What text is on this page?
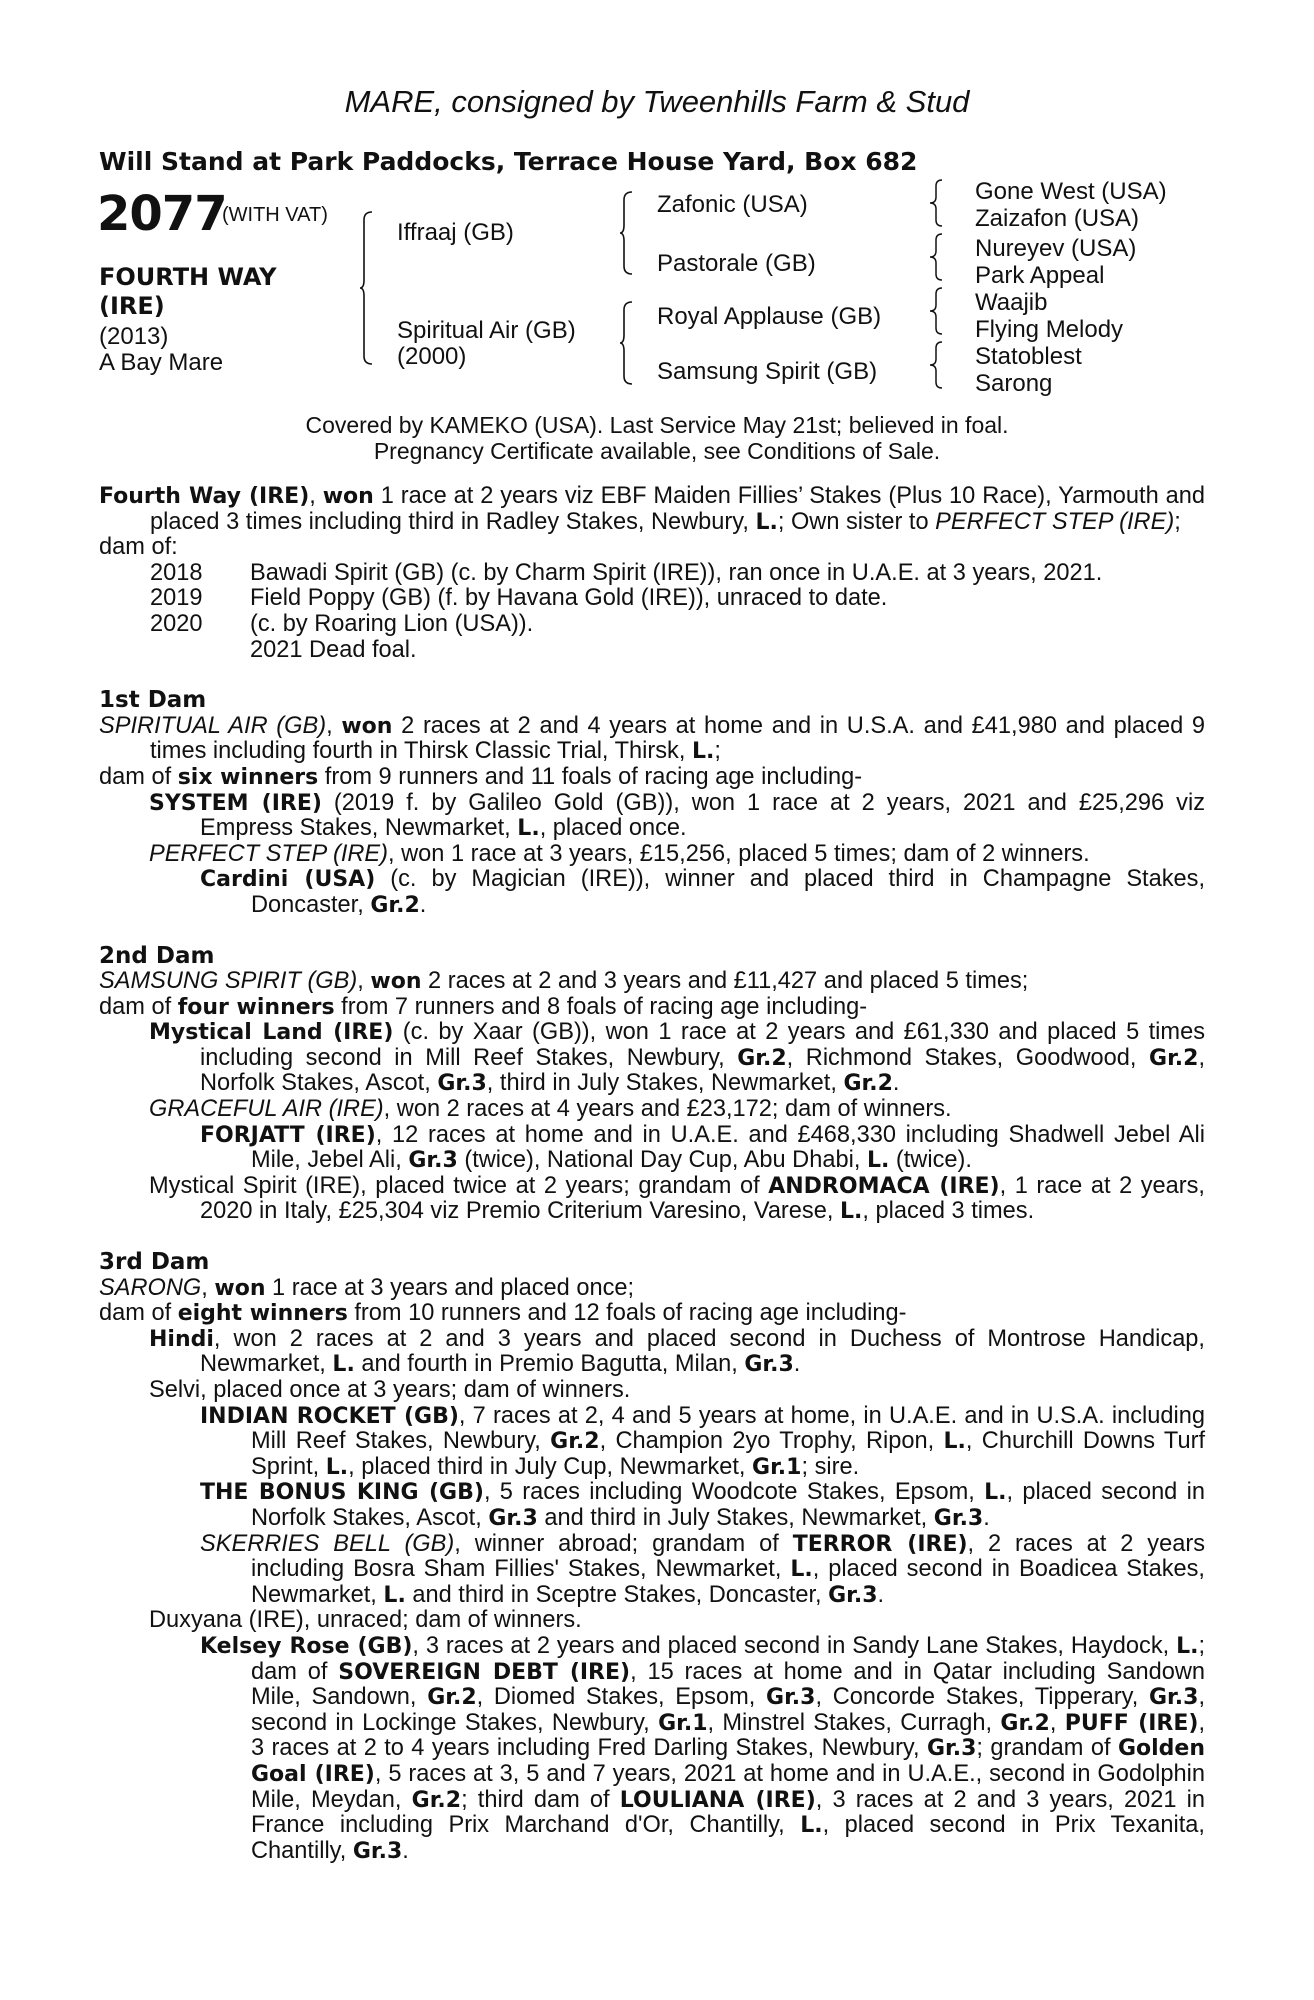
MARE, consigned by Tweenhills Farm & Stud
Will Stand at Park Paddocks, Terrace House Yard, Box 682
2077
(WITH VAT)
FOURTH WAY (IRE)
(2013)
A Bay Mare
Iffraaj (GB)
Spiritual Air (GB)
(2000)
Zafonic (USA)
Pastorale (GB)
Royal Applause (GB)
Samsung Spirit (GB)
Gone West (USA)
Zaizafon (USA)
Nureyev (USA)
Park Appeal
Waajib
Flying Melody
Statoblest
Sarong
Covered by KAMEKO (USA). Last Service May 21st; believed in foal.
Pregnancy Certificate available, see Conditions of Sale.

Fourth Way (IRE), won 1 race at 2 years viz EBF Maiden Fillies’ Stakes (Plus 10 Race), Yarmouth and placed 3 times including third in Radley Stakes, Newbury, L.; Own sister to PERFECT STEP (IRE);

dam of:

2018	Bawadi Spirit (GB) (c. by Charm Spirit (IRE)), ran once in U.A.E. at 3 years, 2021.
2019	Field Poppy (GB) (f. by Havana Gold (IRE)), unraced to date.
2020	(c. by Roaring Lion (USA)).
2021 Dead foal.

1st Dam

SPIRITUAL AIR (GB), won 2 races at 2 and 4 years at home and in U.S.A. and £41,980 and placed 9 times including fourth in Thirsk Classic Trial, Thirsk, L.;

dam of six winners from 9 runners and 11 foals of racing age including-

SYSTEM (IRE) (2019 f. by Galileo Gold (GB)), won 1 race at 2 years, 2021 and £25,296 viz Empress Stakes, Newmarket, L., placed once.

PERFECT STEP (IRE), won 1 race at 3 years, £15,256, placed 5 times; dam of 2 winners.

Cardini (USA) (c. by Magician (IRE)), winner and placed third in Champagne Stakes, Doncaster, Gr.2.

2nd Dam

SAMSUNG SPIRIT (GB), won 2 races at 2 and 3 years and £11,427 and placed 5 times;

dam of four winners from 7 runners and 8 foals of racing age including-

Mystical Land (IRE) (c. by Xaar (GB)), won 1 race at 2 years and £61,330 and placed 5 times including second in Mill Reef Stakes, Newbury, Gr.2, Richmond Stakes, Goodwood, Gr.2, Norfolk Stakes, Ascot, Gr.3, third in July Stakes, Newmarket, Gr.2.

GRACEFUL AIR (IRE), won 2 races at 4 years and £23,172; dam of winners.

FORJATT (IRE), 12 races at home and in U.A.E. and £468,330 including Shadwell Jebel Ali Mile, Jebel Ali, Gr.3 (twice), National Day Cup, Abu Dhabi, L. (twice).

Mystical Spirit (IRE), placed twice at 2 years; grandam of ANDROMACA (IRE), 1 race at 2 years, 2020 in Italy, £25,304 viz Premio Criterium Varesino, Varese, L., placed 3 times.

3rd Dam

SARONG, won 1 race at 3 years and placed once;

dam of eight winners from 10 runners and 12 foals of racing age including-

Hindi, won 2 races at 2 and 3 years and placed second in Duchess of Montrose Handicap, Newmarket, L. and fourth in Premio Bagutta, Milan, Gr.3.

Selvi, placed once at 3 years; dam of winners.

INDIAN ROCKET (GB), 7 races at 2, 4 and 5 years at home, in U.A.E. and in U.S.A. including Mill Reef Stakes, Newbury, Gr.2, Champion 2yo Trophy, Ripon, L., Churchill Downs Turf Sprint, L., placed third in July Cup, Newmarket, Gr.1; sire.

THE BONUS KING (GB), 5 races including Woodcote Stakes, Epsom, L., placed second in Norfolk Stakes, Ascot, Gr.3 and third in July Stakes, Newmarket, Gr.3.

SKERRIES BELL (GB), winner abroad; grandam of TERROR (IRE), 2 races at 2 years including Bosra Sham Fillies' Stakes, Newmarket, L., placed second in Boadicea Stakes, Newmarket, L. and third in Sceptre Stakes, Doncaster, Gr.3.

Duxyana (IRE), unraced; dam of winners.

Kelsey Rose (GB), 3 races at 2 years and placed second in Sandy Lane Stakes, Haydock, L.; dam of SOVEREIGN DEBT (IRE), 15 races at home and in Qatar including Sandown Mile, Sandown, Gr.2, Diomed Stakes, Epsom, Gr.3, Concorde Stakes, Tipperary, Gr.3, second in Lockinge Stakes, Newbury, Gr.1, Minstrel Stakes, Curragh, Gr.2, PUFF (IRE), 3 races at 2 to 4 years including Fred Darling Stakes, Newbury, Gr.3; grandam of Golden Goal (IRE), 5 races at 3, 5 and 7 years, 2021 at home and in U.A.E., second in Godolphin Mile, Meydan, Gr.2; third dam of LOULIANA (IRE), 3 races at 2 and 3 years, 2021 in France including Prix Marchand d'Or, Chantilly, L., placed second in Prix Texanita, Chantilly, Gr.3.
